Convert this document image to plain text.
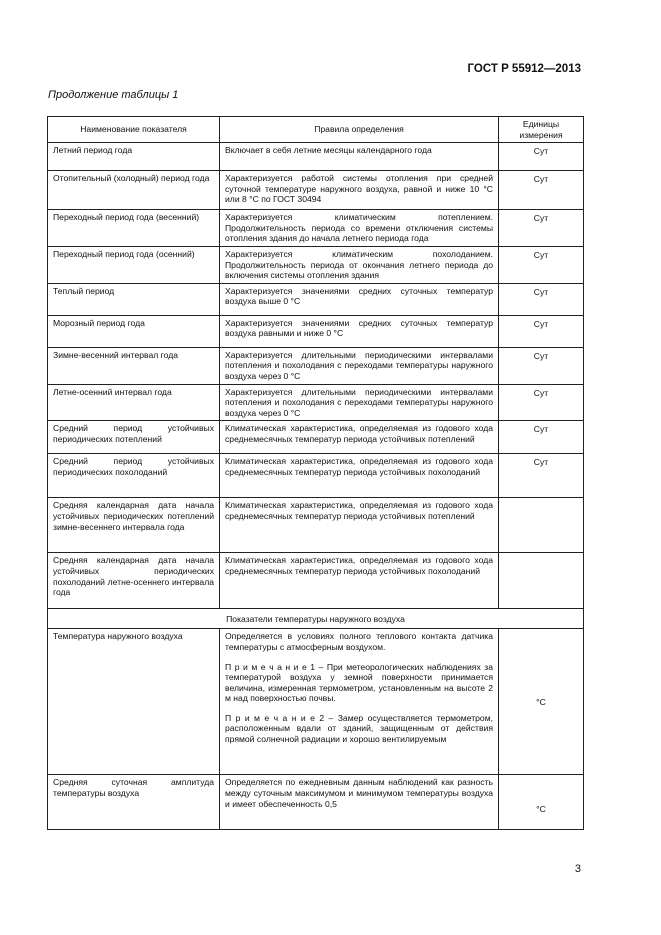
ГОСТ Р 55912—2013
Продолжение таблицы 1
Наименование показателя	Правила определения	Единицы измерения
Летний период года	Включает в себя летние месяцы календарного года	Сут
Отопительный (холодный) период года	Характеризуется работой системы отопления при средней суточной температуре наружного воздуха, равной и ниже 10 °С или 8 °С по ГОСТ 30494	Сут
Переходный период года (весенний)	Характеризуется климатическим потеплением. Продолжительность периода со времени отключения системы отопления здания до начала летнего периода года	Сут
Переходный период года (осенний)	Характеризуется климатическим похолоданием. Продолжительность периода от окончания летнего периода до включения системы отопления здания	Сут
Теплый период	Характеризуется значениями средних суточных температур воздуха выше 0 °С	Сут
Морозный период года	Характеризуется значениями средних суточных температур воздуха равными и ниже 0 °С	Сут
Зимне-весенний интервал года	Характеризуется длительными периодическими интервалами потепления и похолодания с переходами температуры наружного воздуха через 0 °С	Сут
Летне-осенний интервал года	Характеризуется длительными периодическими интервалами потепления и похолодания с переходами температуры наружного воздуха через 0 °С	Сут
Средний период устойчивых периодических потеплений	Климатическая характеристика, определяемая из годового хода среднемесячных температур периода устойчивых потеплений	Сут
Средний период устойчивых периодических похолоданий	Климатическая характеристика, определяемая из годового хода среднемесячных температур периода устойчивых похолоданий	Сут
Средняя календарная дата начала устойчивых периодических потеплений зимне-весеннего интервала года	Климатическая характеристика, определяемая из годового хода среднемесячных температур периода устойчивых потеплений	
Средняя календарная дата начала устойчивых периодических похолоданий летне-осеннего интервала года	Климатическая характеристика, определяемая из годового хода среднемесячных температур периода устойчивых похолоданий	
Показатели температуры наружного воздуха		
Температура наружного воздуха	Определяется в условиях полного теплового контакта датчика температуры с атмосферным воздухом.

П р и м е ч а н и е 1 – При метеорологических наблюдениях за температурой воздуха у земной поверхности принимается величина, измеренная термометром, установленным на высоте 2 м над поверхностью почвы.

П р и м е ч а н и е 2 – Замер осуществляется термометром, расположенным вдали от зданий, защищенным от действия прямой солнечной радиации и хорошо вентилируемым	°С
Средняя суточная амплитуда температуры воздуха	Определяется по ежедневным данным наблюдений как разность между суточным максимумом и минимумом температуры воздуха и имеет обеспеченность 0,5	°С
3
